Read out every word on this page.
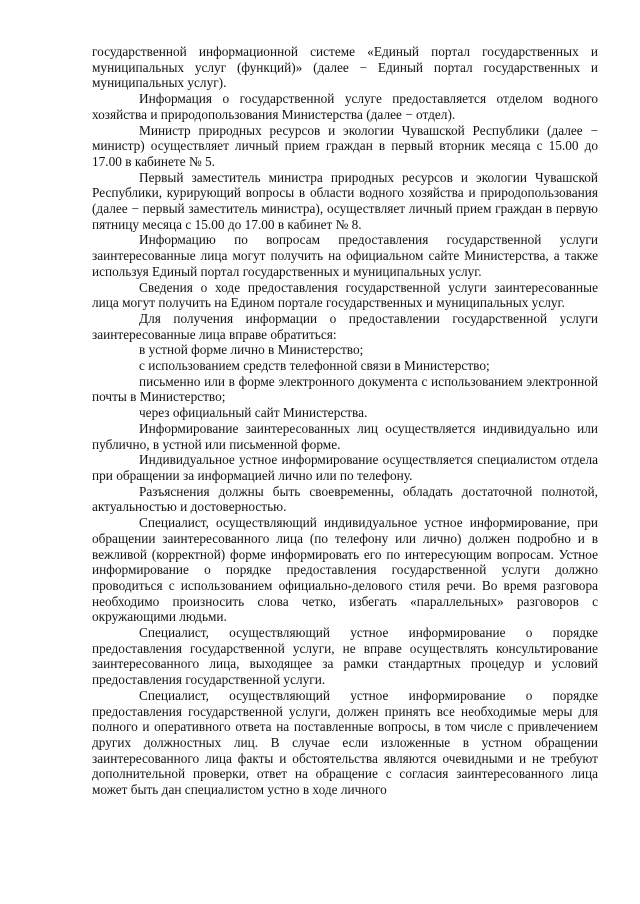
государственной информационной системе «Единый портал государственных и муниципальных услуг (функций)» (далее − Единый портал государственных и муниципальных услуг).

Информация о государственной услуге предоставляется отделом водного хозяйства и природопользования Министерства (далее − отдел).

Министр природных ресурсов и экологии Чувашской Республики (далее − министр) осуществляет личный прием граждан в первый вторник месяца с 15.00 до 17.00 в кабинете № 5.

Первый заместитель министра природных ресурсов и экологии Чувашской Республики, курирующий вопросы в области водного хозяйства и природопользования (далее − первый заместитель министра), осуществляет личный прием граждан в первую пятницу месяца с 15.00 до 17.00 в кабинет № 8.

Информацию по вопросам предоставления государственной услуги заинтересованные лица могут получить на официальном сайте Министерства, а также используя Единый портал государственных и муниципальных услуг.

Сведения о ходе предоставления государственной услуги заинтересованные лица могут получить на Едином портале государственных и муниципальных услуг.

Для получения информации о предоставлении государственной услуги заинтересованные лица вправе обратиться:

в устной форме лично в Министерство;

с использованием средств телефонной связи в Министерство;

письменно или в форме электронного документа с использованием электронной почты в Министерство;

через официальный сайт Министерства.

Информирование заинтересованных лиц осуществляется индивидуально или публично, в устной или письменной форме.

Индивидуальное устное информирование осуществляется специалистом отдела при обращении за информацией лично или по телефону.

Разъяснения должны быть своевременны, обладать достаточной полнотой, актуальностью и достоверностью.

Специалист, осуществляющий индивидуальное устное информирование, при обращении заинтересованного лица (по телефону или лично) должен подробно и в вежливой (корректной) форме информировать его по интересующим вопросам. Устное информирование о порядке предоставления государственной услуги должно проводиться с использованием официально-делового стиля речи. Во время разговора необходимо произносить слова четко, избегать «параллельных» разговоров с окружающими людьми.

Специалист, осуществляющий устное информирование о порядке предоставления государственной услуги, не вправе осуществлять консультирование заинтересованного лица, выходящее за рамки стандартных процедур и условий предоставления государственной услуги.

Специалист, осуществляющий устное информирование о порядке предоставления государственной услуги, должен принять все необходимые меры для полного и оперативного ответа на поставленные вопросы, в том числе с привлечением других должностных лиц. В случае если изложенные в устном обращении заинтересованного лица факты и обстоятельства являются очевидными и не требуют дополнительной проверки, ответ на обращение с согласия заинтересованного лица может быть дан специалистом устно в ходе личного
